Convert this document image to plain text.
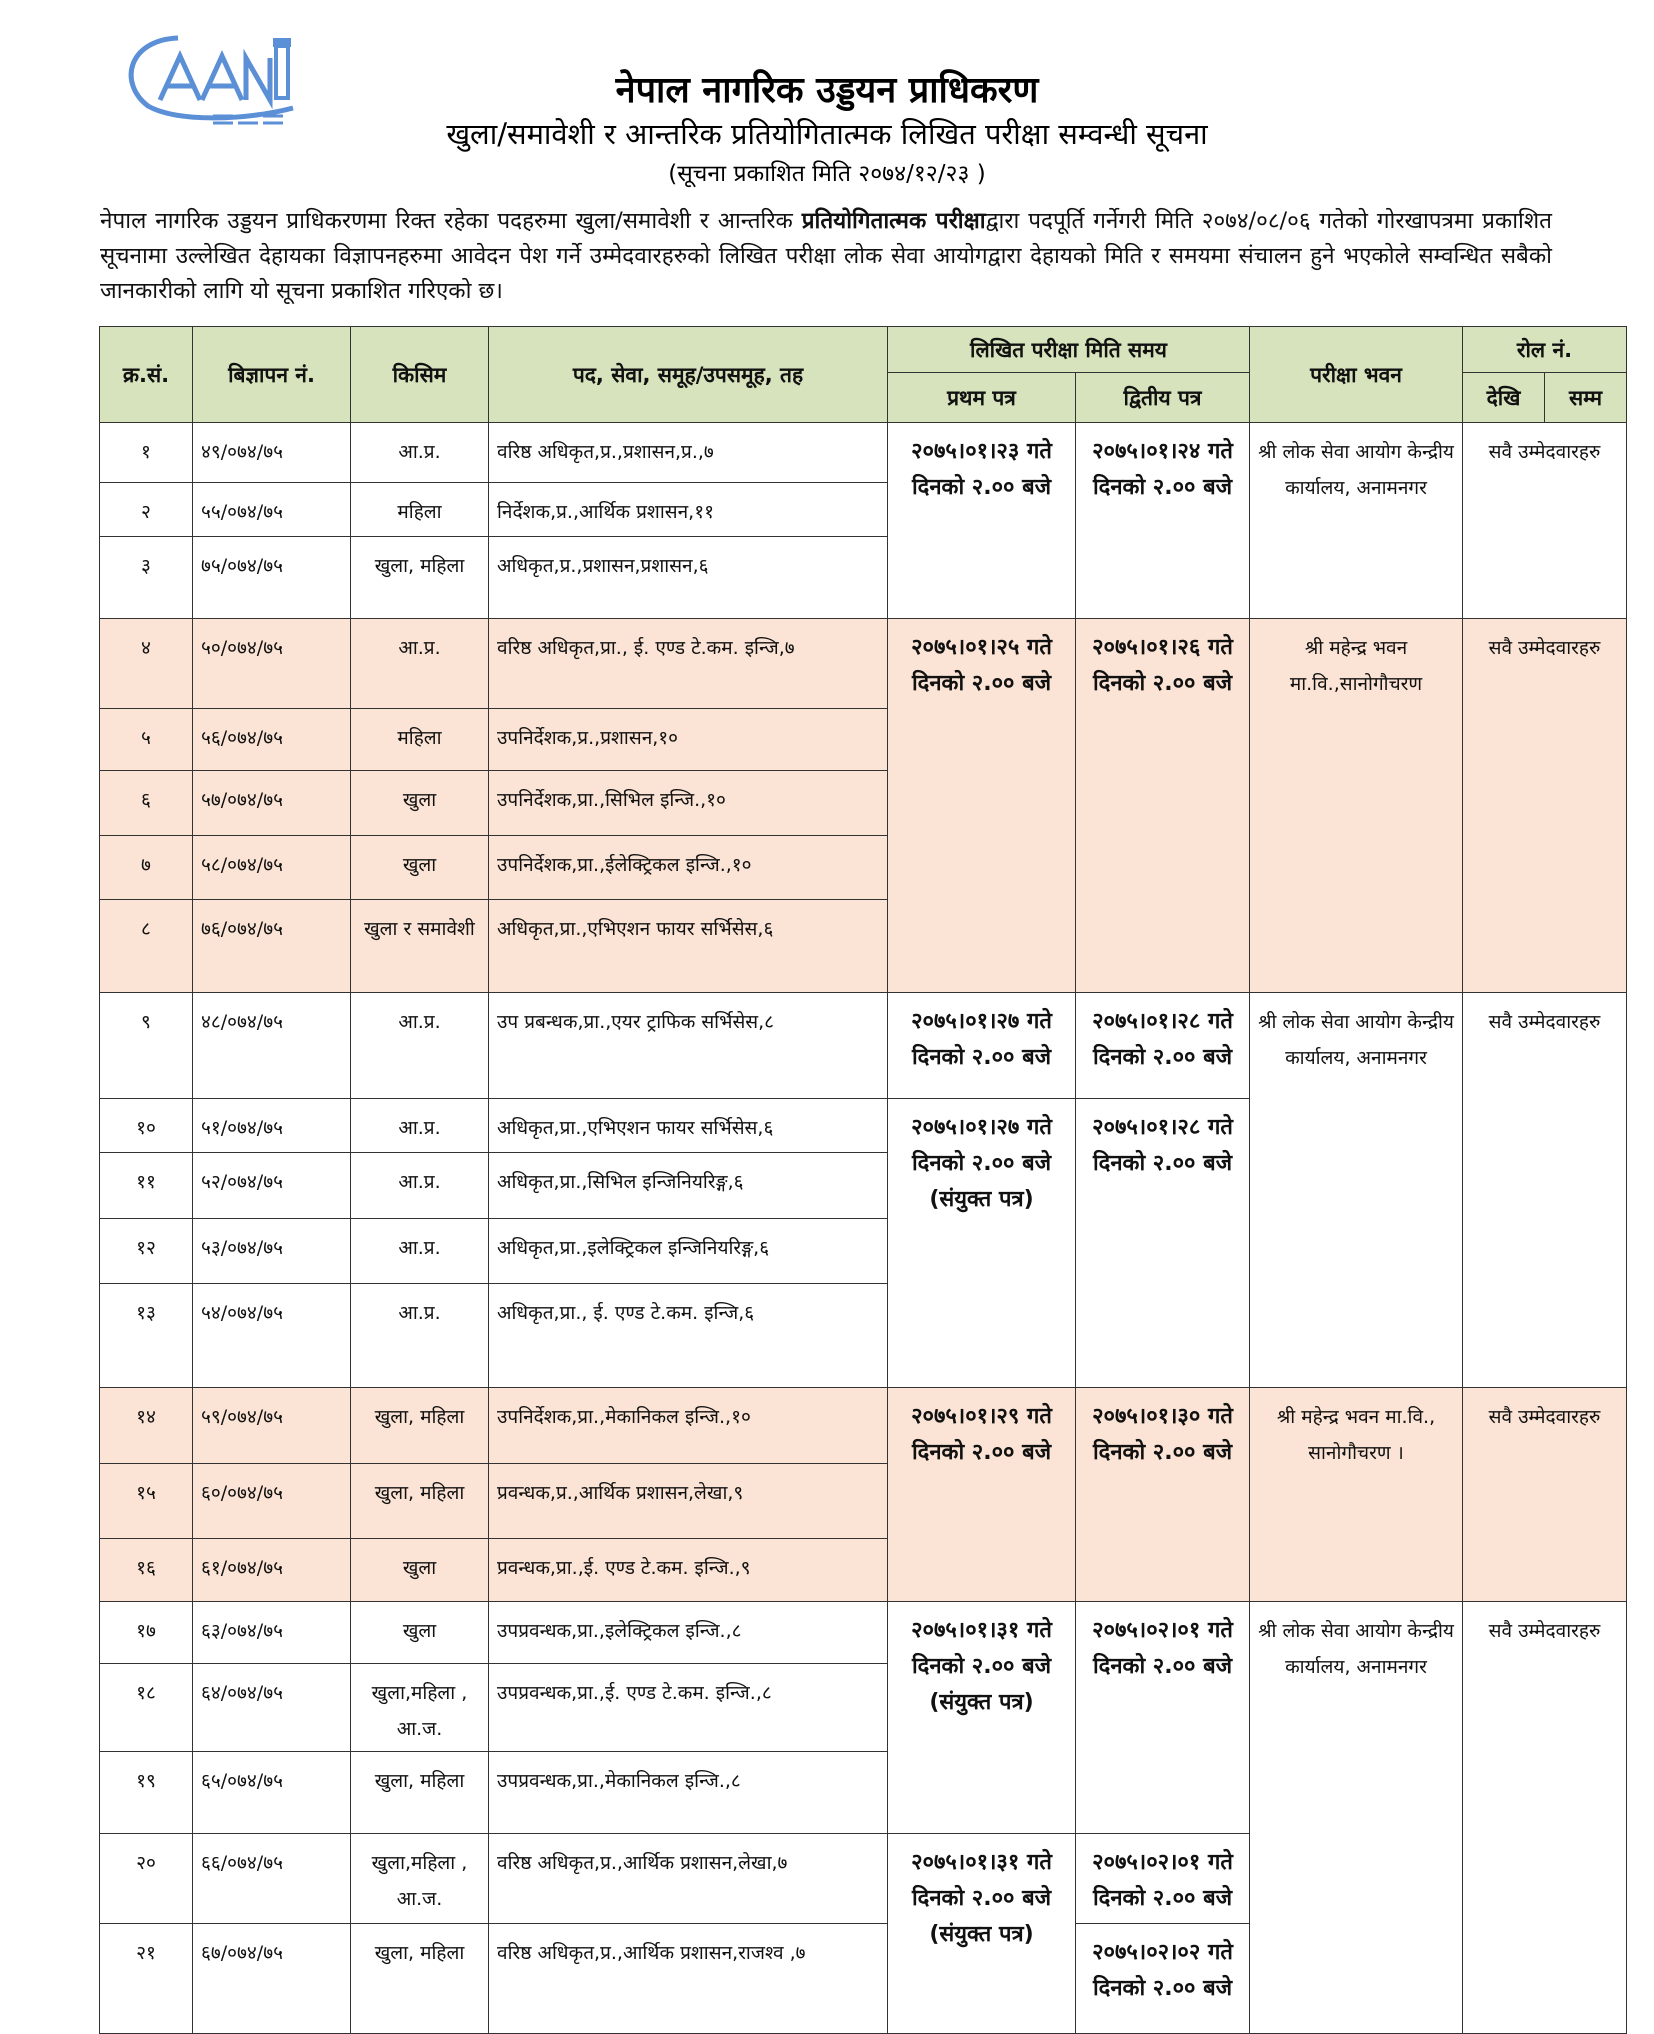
नेपाल नागरिक उड्डयन प्राधिकरण
खुला/समावेशी र आन्तरिक प्रतियोगितात्मक लिखित परीक्षा सम्वन्धी सूचना
(सूचना प्रकाशित मिति २०७४/१२/२३ )
नेपाल नागरिक उड्डयन प्राधिकरणमा रिक्त रहेका पदहरुमा खुला/समावेशी र आन्तरिक प्रतियोगितात्मक परीक्षाद्वारा पदपूर्ति गर्नेगरी मिति २०७४/०८/०६ गतेको गोरखापत्रमा प्रकाशित सूचनामा उल्लेखित देहायका विज्ञापनहरुमा आवेदन पेश गर्ने उम्मेदवारहरुको लिखित परीक्षा लोक सेवा आयोगद्वारा देहायको मिति र समयमा संचालन हुने भएकोले सम्वन्धित सबैको जानकारीको लागि यो सूचना प्रकाशित गरिएको छ।
क्र.सं.	बिज्ञापन नं.	किसिम	पद, सेवा, समूह/उपसमूह, तह	लिखित परीक्षा मिति समय		परीक्षा भवन	रोल नं.	
				प्रथम पत्र	द्वितीय पत्र		देखि	सम्म
१	४९/०७४/७५	आ.प्र.	वरिष्ठ अधिकृत,प्र.,प्रशासन,प्र.,७	२०७५।०१।२३ गते दिनको २.०० बजे	२०७५।०१।२४ गते दिनको २.०० बजे	श्री लोक सेवा आयोग केन्द्रीय कार्यालय, अनामनगर	सवै उम्मेदवारहरु	
२	५५/०७४/७५	महिला	निर्देशक,प्र.,आर्थिक प्रशासन,११					
३	७५/०७४/७५	खुला, महिला	अधिकृत,प्र.,प्रशासन,प्रशासन,६					
४	५०/०७४/७५	आ.प्र.	वरिष्ठ अधिकृत,प्रा., ई. एण्ड टे.कम. इन्जि,७	२०७५।०१।२५ गते दिनको २.०० बजे	२०७५।०१।२६ गते दिनको २.०० बजे	श्री महेन्द्र भवन मा.वि.,सानोगौचरण	सवै उम्मेदवारहरु	
५	५६/०७४/७५	महिला	उपनिर्देशक,प्र.,प्रशासन,१०					
६	५७/०७४/७५	खुला	उपनिर्देशक,प्रा.,सिभिल इन्जि.,१०					
७	५८/०७४/७५	खुला	उपनिर्देशक,प्रा.,ईलेक्ट्रिकल इन्जि.,१०					
८	७६/०७४/७५	खुला र समावेशी	अधिकृत,प्रा.,एभिएशन फायर सर्भिसेस,६					
९	४८/०७४/७५	आ.प्र.	उप प्रबन्धक,प्रा.,एयर ट्राफिक सर्भिसेस,८	२०७५।०१।२७ गते दिनको २.०० बजे	२०७५।०१।२८ गते दिनको २.०० बजे	श्री लोक सेवा आयोग केन्द्रीय कार्यालय, अनामनगर	सवै उम्मेदवारहरु	
१०	५१/०७४/७५	आ.प्र.	अधिकृत,प्रा.,एभिएशन फायर सर्भिसेस,६	२०७५।०१।२७ गते दिनको २.०० बजे (संयुक्त पत्र)	२०७५।०१।२८ गते दिनको २.०० बजे			
११	५२/०७४/७५	आ.प्र.	अधिकृत,प्रा.,सिभिल इन्जिनियरिङ्ग,६					
१२	५३/०७४/७५	आ.प्र.	अधिकृत,प्रा.,इलेक्ट्रिकल इन्जिनियरिङ्ग,६					
१३	५४/०७४/७५	आ.प्र.	अधिकृत,प्रा., ई. एण्ड टे.कम. इन्जि,६					
१४	५९/०७४/७५	खुला, महिला	उपनिर्देशक,प्रा.,मेकानिकल इन्जि.,१०	२०७५।०१।२९ गते दिनको २.०० बजे	२०७५।०१।३० गते दिनको २.०० बजे	श्री महेन्द्र भवन मा.वि., सानोगौचरण ।	सवै उम्मेदवारहरु	
१५	६०/०७४/७५	खुला, महिला	प्रवन्धक,प्र.,आर्थिक प्रशासन,लेखा,९					
१६	६१/०७४/७५	खुला	प्रवन्धक,प्रा.,ई. एण्ड टे.कम. इन्जि.,९					
१७	६३/०७४/७५	खुला	उपप्रवन्धक,प्रा.,इलेक्ट्रिकल इन्जि.,८	२०७५।०१।३१ गते दिनको २.०० बजे (संयुक्त पत्र)	२०७५।०२।०१ गते दिनको २.०० बजे	श्री लोक सेवा आयोग केन्द्रीय कार्यालय, अनामनगर	सवै उम्मेदवारहरु	
१८	६४/०७४/७५	खुला,महिला , आ.ज.	उपप्रवन्धक,प्रा.,ई. एण्ड टे.कम. इन्जि.,८					
१९	६५/०७४/७५	खुला, महिला	उपप्रवन्धक,प्रा.,मेकानिकल इन्जि.,८					
२०	६६/०७४/७५	खुला,महिला , आ.ज.	वरिष्ठ अधिकृत,प्र.,आर्थिक प्रशासन,लेखा,७	२०७५।०१।३१ गते दिनको २.०० बजे (संयुक्त पत्र)	२०७५।०२।०१ गते दिनको २.०० बजे			
२१	६७/०७४/७५	खुला, महिला	वरिष्ठ अधिकृत,प्र.,आर्थिक प्रशासन,राजश्व ,७		२०७५।०२।०२ गते दिनको २.०० बजे			
